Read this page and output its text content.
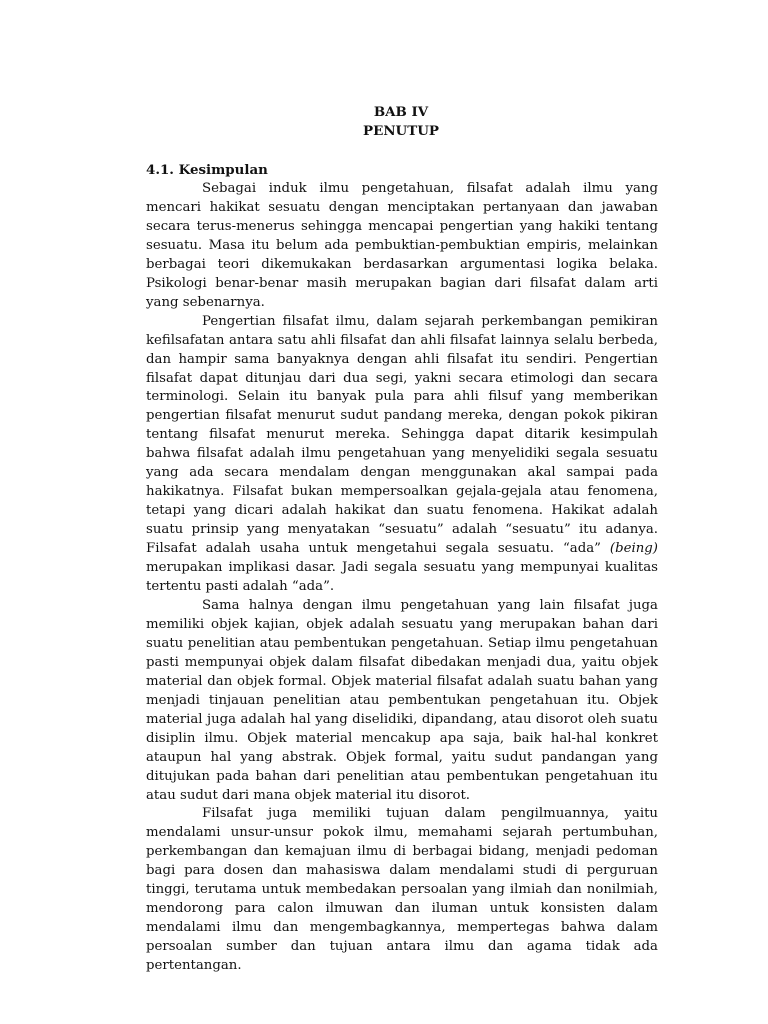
BAB IV
PENUTUP
4.1. Kesimpulan

Sebagai induk ilmu pengetahuan, filsafat adalah ilmu yang mencari hakikat sesuatu dengan menciptakan pertanyaan dan jawaban secara terus-menerus sehingga mencapai pengertian yang hakiki tentang sesuatu. Masa itu belum ada pembuktian-pembuktian empiris, melainkan berbagai teori dikemukakan berdasarkan argumentasi logika belaka. Psikologi benar-benar masih merupakan bagian dari filsafat dalam arti yang sebenarnya.

Pengertian filsafat ilmu, dalam sejarah perkembangan pemikiran kefilsafatan antara satu ahli filsafat dan ahli filsafat lainnya selalu berbeda, dan hampir sama banyaknya dengan ahli filsafat itu sendiri. Pengertian filsafat dapat ditunjau dari dua segi, yakni secara etimologi dan secara terminologi. Selain itu banyak pula para ahli filsuf yang memberikan pengertian filsafat menurut sudut pandang mereka, dengan pokok pikiran tentang filsafat menurut mereka. Sehingga dapat ditarik kesimpulah bahwa filsafat adalah ilmu pengetahuan yang menyelidiki segala sesuatu yang ada secara mendalam dengan menggunakan akal sampai pada hakikatnya. Filsafat bukan mempersoalkan gejala-gejala atau fenomena, tetapi yang dicari adalah hakikat dan suatu fenomena. Hakikat adalah suatu prinsip yang menyatakan “sesuatu” adalah “sesuatu” itu adanya. Filsafat adalah usaha untuk mengetahui segala sesuatu. “ada” (being) merupakan implikasi dasar. Jadi segala sesuatu yang mempunyai kualitas tertentu pasti adalah “ada”.

Sama halnya dengan ilmu pengetahuan yang lain filsafat juga memiliki objek kajian, objek adalah sesuatu yang merupakan bahan dari suatu penelitian atau pembentukan pengetahuan. Setiap ilmu pengetahuan pasti mempunyai objek dalam filsafat dibedakan menjadi dua, yaitu objek material dan objek formal. Objek material filsafat adalah suatu bahan yang menjadi tinjauan penelitian atau pembentukan pengetahuan itu. Objek material juga adalah hal yang diselidiki, dipandang, atau disorot oleh suatu disiplin ilmu. Objek material mencakup apa saja, baik hal-hal konkret ataupun hal yang abstrak. Objek formal, yaitu sudut pandangan yang ditujukan pada bahan dari penelitian atau pembentukan pengetahuan itu atau sudut dari mana objek material itu disorot.

Filsafat juga memiliki tujuan dalam pengilmuannya, yaitu mendalami unsur-unsur pokok ilmu, memahami sejarah pertumbuhan, perkembangan dan kemajuan ilmu di berbagai bidang, menjadi pedoman bagi para dosen dan mahasiswa dalam mendalami studi di perguruan tinggi, terutama untuk membedakan persoalan yang ilmiah dan nonilmiah, mendorong para calon ilmuwan dan iluman untuk konsisten dalam mendalami ilmu dan mengembagkannya, mempertegas bahwa dalam persoalan sumber dan tujuan antara ilmu dan agama tidak ada pertentangan.
